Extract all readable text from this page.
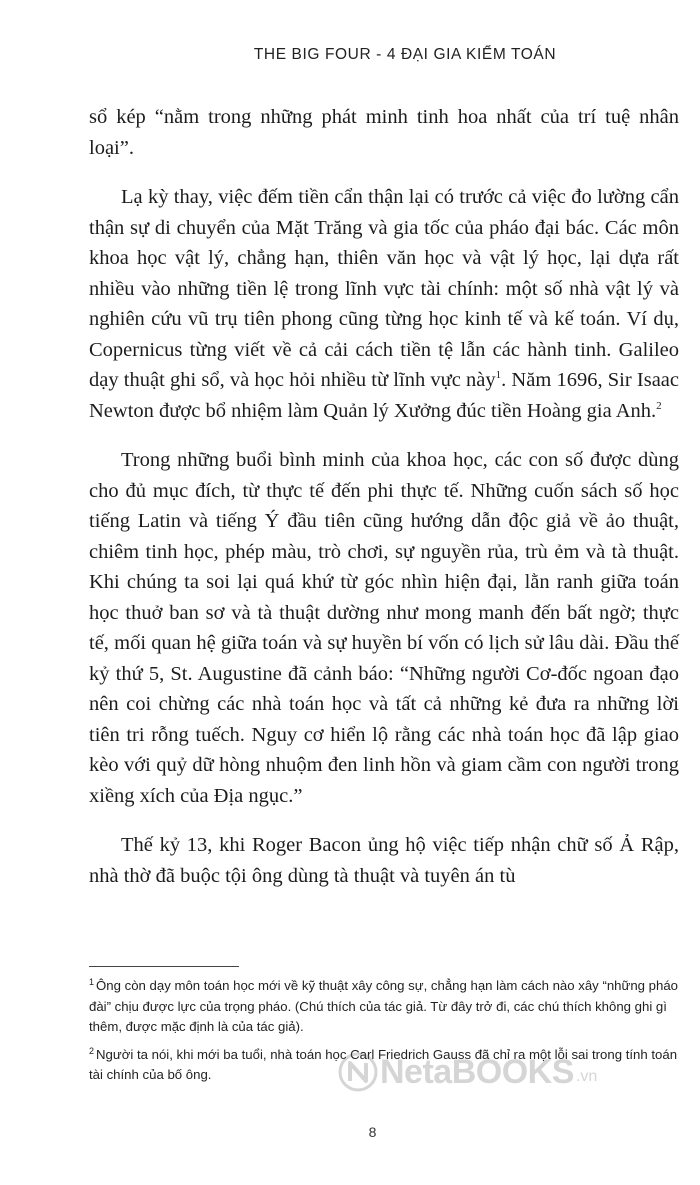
THE BIG FOUR - 4 ĐẠI GIA KIỂM TOÁN

sổ kép “nằm trong những phát minh tinh hoa nhất của trí tuệ nhân loại”.

Lạ kỳ thay, việc đếm tiền cẩn thận lại có trước cả việc đo lường cẩn thận sự di chuyển của Mặt Trăng và gia tốc của pháo đại bác. Các môn khoa học vật lý, chẳng hạn, thiên văn học và vật lý học, lại dựa rất nhiều vào những tiền lệ trong lĩnh vực tài chính: một số nhà vật lý và nghiên cứu vũ trụ tiên phong cũng từng học kinh tế và kế toán. Ví dụ, Copernicus từng viết về cả cải cách tiền tệ lẫn các hành tinh. Galileo dạy thuật ghi sổ, và học hỏi nhiều từ lĩnh vực này$^1$. Năm 1696, Sir Isaac Newton được bổ nhiệm làm Quản lý Xưởng đúc tiền Hoàng gia Anh.$^2$

Trong những buổi bình minh của khoa học, các con số được dùng cho đủ mục đích, từ thực tế đến phi thực tế. Những cuốn sách số học tiếng Latin và tiếng Ý đầu tiên cũng hướng dẫn độc giả về ảo thuật, chiêm tinh học, phép màu, trò chơi, sự nguyền rủa, trù ẻm và tà thuật. Khi chúng ta soi lại quá khứ từ góc nhìn hiện đại, lằn ranh giữa toán học thuở ban sơ và tà thuật dường như mong manh đến bất ngờ; thực tế, mối quan hệ giữa toán và sự huyền bí vốn có lịch sử lâu dài. Đầu thế kỷ thứ 5, St. Augustine đã cảnh báo: “Những người Cơ-đốc ngoan đạo nên coi chừng các nhà toán học và tất cả những kẻ đưa ra những lời tiên tri rỗng tuếch. Nguy cơ hiển lộ rằng các nhà toán học đã lập giao kèo với quỷ dữ hòng nhuộm đen linh hồn và giam cầm con người trong xiềng xích của Địa ngục.”

Thế kỷ 13, khi Roger Bacon ủng hộ việc tiếp nhận chữ số Ả Rập, nhà thờ đã buộc tội ông dùng tà thuật và tuyên án tù

$^1$ Ông còn dạy môn toán học mới về kỹ thuật xây công sự, chẳng hạn làm cách nào xây “những pháo đài” chịu được lực của trọng pháo. (Chú thích của tác giả. Từ đây trở đi, các chú thích không ghi gì thêm, được mặc định là của tác giả).

$^2$ Người ta nói, khi mới ba tuổi, nhà toán học Carl Friedrich Gauss đã chỉ ra một lỗi sai trong tính toán tài chính của bố ông.	NetaBOOKS .vn
8
